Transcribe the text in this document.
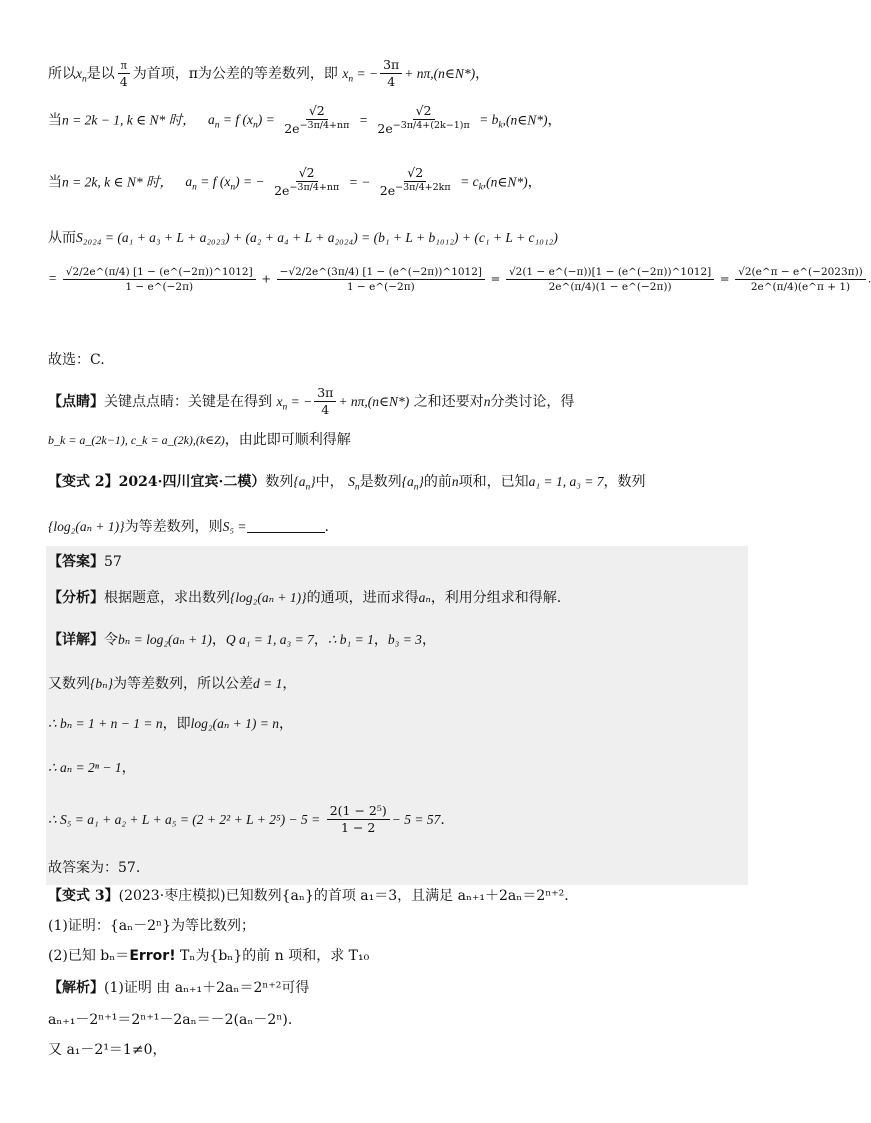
所以$x_n$是以 $\frac{\pi}{4}$ 为首项，π为公差的等差数列，即 $x_n$ = − $\frac{3\pi}{4}$ + nπ,(n∈N*)，
当n = 2k − 1, k ∈ N* 时， $a_n = f$ $(x_n) = \frac{√2}{2e^{-3\pi/4+n\pi}} = \frac{√2}{2e^{-3\pi/4+(2k-1)\pi}}$ = $b_k,(n\in N*)$，
当n = 2k, k ∈ N* 时， $a_n = f$ $(x_n)$ = − $\frac{√2}{2e^{-3\pi/4+n\pi}}$ = − $\frac{√2}{2e^{-3\pi/4+2k\pi}}$ = $c_k,(n\in N*)$，
从而S₂₀₂₄ = (a₁ + a₃ + L + a₂₀₂₃) + (a₂ + a₄ + L + a₂₀₂₄) = (b₁ + L + b₁₀₁₂) + (c₁ + L + c₁₀₁₂)
= $\frac{√2/2e\^{}(\pi/4) [1 - (e\^{}(-2\pi))\^{}1012]}{1 - e\^{}(-2\pi)} + \frac{-√2/2e\^{}(3\pi/4) [1 - (e\^{}(-2\pi))\^{}1012]}{1 - e\^{}(-2\pi)} = \frac{√2(1 - e\^{}(-\pi))[1 - (e\^{}(-2\pi))\^{}1012]}{2e\^{}(\pi/4)(1 - e\^{}(-2\pi))} = \frac{√2(e\^{}\pi - e\^{}(-2023\pi))}{2e\^{}(\pi/4)(e\^{}\pi + 1)}$
故选：C.
【点睛】关键点点睛：关键是在得到 $x_n$ = − $\frac{3\pi}{4}$ + nπ,(n∈N*) 之和还要对n分类讨论，得
b_k = a_(2k−1), c_k = a_(2k),(k∈Z)，由此即可顺利得解
【变式 2】2024·四川宜宾·二模）数列$\{a_n\}$中， $S_n$是数列$\{a_n\}$的前n项和，已知a₁ = 1, a₃ = 7，数列
{log₂(aₙ + 1)}为等差数列，则S₅ =	.
【答案】57
【分析】根据题意，求出数列{log₂(aₙ + 1)}的通项，进而求得aₙ，利用分组求和得解.
【详解】令bₙ = log₂(aₙ + 1)，Q a₁ = 1, a₃ = 7，∴ b₁ = 1，b₃ = 3，
又数列{bₙ}为等差数列，所以公差d = 1，
∴ bₙ = 1 + n − 1 = n，即log₂(aₙ + 1) = n，
∴ aₙ = 2ⁿ − 1，
∴ $S_5 = a_1 + a_2 + L + a_5 = (2 + 2^2 + L + 2^5) - 5 = \frac{\text{2(1 − 2⁵)}}{1 - 2} - 5 = 57$.
故答案为：57.
【变式 3】(2023·枣庄模拟)已知数列{aₙ}的首项 a₁＝3，且满足 aₙ₊₁＋2aₙ＝2ⁿ⁺².
(1)证明：{aₙ－2ⁿ}为等比数列；
(2)已知 bₙ＝Error! Tₙ为{bₙ}的前 n 项和，求 T₁₀
【解析】(1)证明 由 aₙ₊₁＋2aₙ＝2ⁿ⁺²可得
aₙ₊₁－2ⁿ⁺¹＝2ⁿ⁺¹－2aₙ＝－2(aₙ－2ⁿ).
又 a₁－2¹＝1≠0，
